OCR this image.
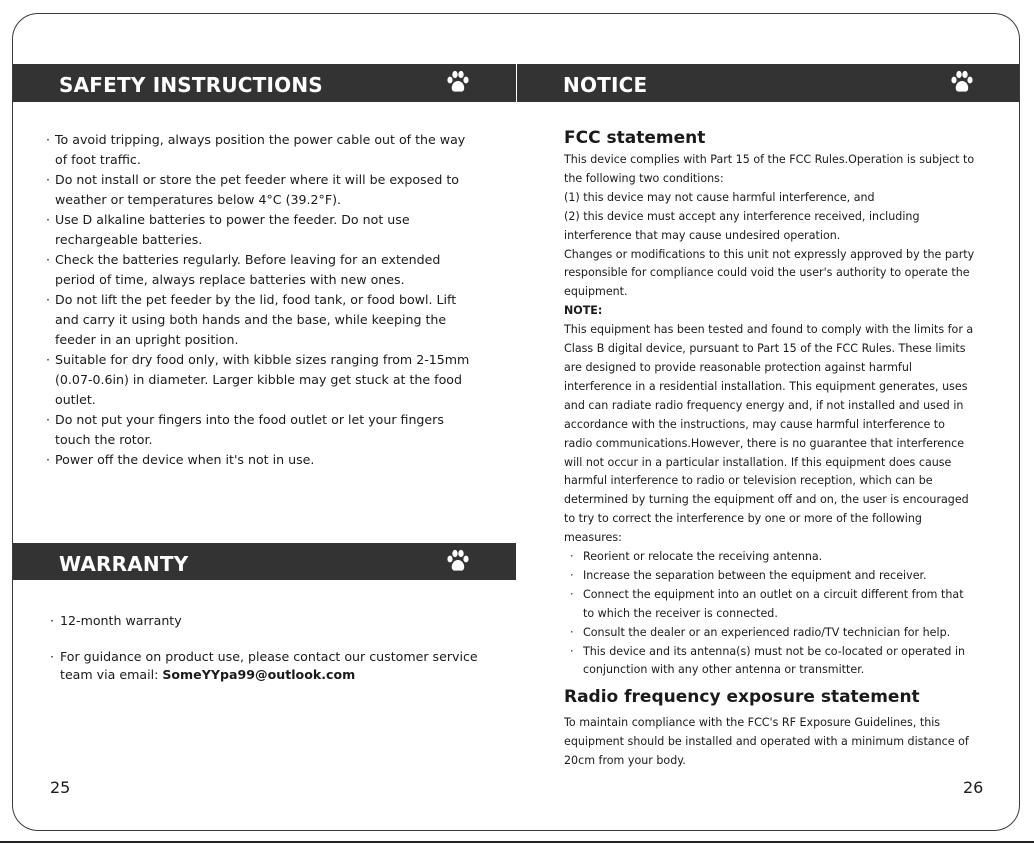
SAFETY INSTRUCTIONS	NOTICE
· To avoid tripping, always position the power cable out of the way of foot traffic.
· Do not install or store the pet feeder where it will be exposed to weather or temperatures below 4°C (39.2°F).
· Use D alkaline batteries to power the feeder. Do not use rechargeable batteries.
· Check the batteries regularly. Before leaving for an extended period of time, always replace batteries with new ones.
· Do not lift the pet feeder by the lid, food tank, or food bowl. Lift and carry it using both hands and the base, while keeping the feeder in an upright position.
· Suitable for dry food only, with kibble sizes ranging from 2-15mm (0.07-0.6in) in diameter. Larger kibble may get stuck at the food outlet.
· Do not put your fingers into the food outlet or let your fingers touch the rotor.
· Power off the device when it's not in use.
WARRANTY
· 12-month warranty
· For guidance on product use, please contact our customer service team via email: SomeYYpa99@outlook.com
25
FCC statement

This device complies with Part 15 of the FCC Rules.Operation is subject to the following two conditions:

(1) this device may not cause harmful interference, and

(2) this device must accept any interference received, including interference that may cause undesired operation.

Changes or modifications to this unit not expressly approved by the party responsible for compliance could void the user's authority to operate the equipment.

NOTE:

This equipment has been tested and found to comply with the limits for a Class B digital device, pursuant to Part 15 of the FCC Rules. These limits are designed to provide reasonable protection against harmful interference in a residential installation. This equipment generates, uses and can radiate radio frequency energy and, if not installed and used in accordance with the instructions, may cause harmful interference to radio communications.However, there is no guarantee that interference will not occur in a particular installation. If this equipment does cause harmful interference to radio or television reception, which can be determined by turning the equipment off and on, the user is encouraged to try to correct the interference by one or more of the following measures:

· Reorient or relocate the receiving antenna.
· Increase the separation between the equipment and receiver.
· Connect the equipment into an outlet on a circuit different from that to which the receiver is connected.
· Consult the dealer or an experienced radio/TV technician for help.
· This device and its antenna(s) must not be co-located or operated in conjunction with any other antenna or transmitter.
Radio frequency exposure statement
To maintain compliance with the FCC's RF Exposure Guidelines, this equipment should be installed and operated with a minimum distance of 20cm from your body.
26
